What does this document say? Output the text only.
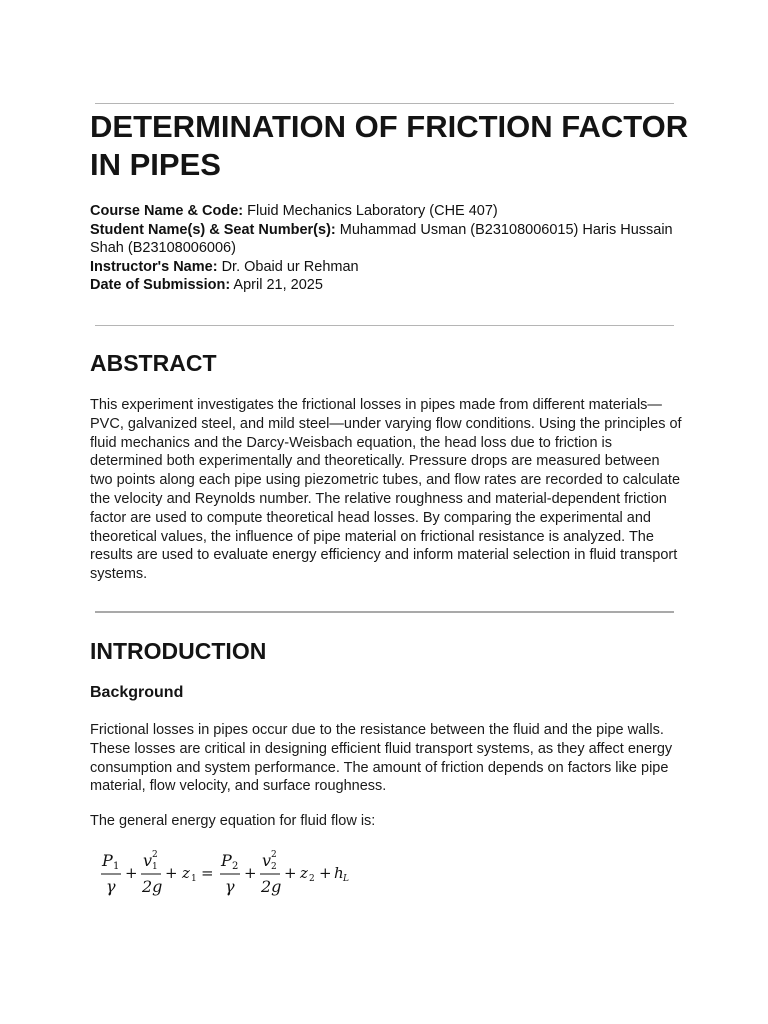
DETERMINATION OF FRICTION FACTOR IN PIPES
Course Name & Code: Fluid Mechanics Laboratory (CHE 407)
Student Name(s) & Seat Number(s): Muhammad Usman (B23108006015) Haris Hussain Shah (B23108006006)
Instructor's Name: Dr. Obaid ur Rehman
Date of Submission: April 21, 2025
ABSTRACT

This experiment investigates the frictional losses in pipes made from different materials—PVC, galvanized steel, and mild steel—under varying flow conditions. Using the principles of fluid mechanics and the Darcy-Weisbach equation, the head loss due to friction is determined both experimentally and theoretically. Pressure drops are measured between two points along each pipe using piezometric tubes, and flow rates are recorded to calculate the velocity and Reynolds number. The relative roughness and material-dependent friction factor are used to compute theoretical head losses. By comparing the experimental and theoretical values, the influence of pipe material on frictional resistance is analyzed. The results are used to evaluate energy efficiency and inform material selection in fluid transport systems.

INTRODUCTION
Background

Frictional losses in pipes occur due to the resistance between the fluid and the pipe walls. These losses are critical in designing efficient fluid transport systems, as they affect energy consumption and system performance. The amount of friction depends on factors like pipe material, flow velocity, and surface roughness.

The general energy equation for fluid flow is:

P 1
γ
+
v 2
1
2g
+ z 1 =
P 2
γ
+
v 2
2
2g
+ z 2 + h L
